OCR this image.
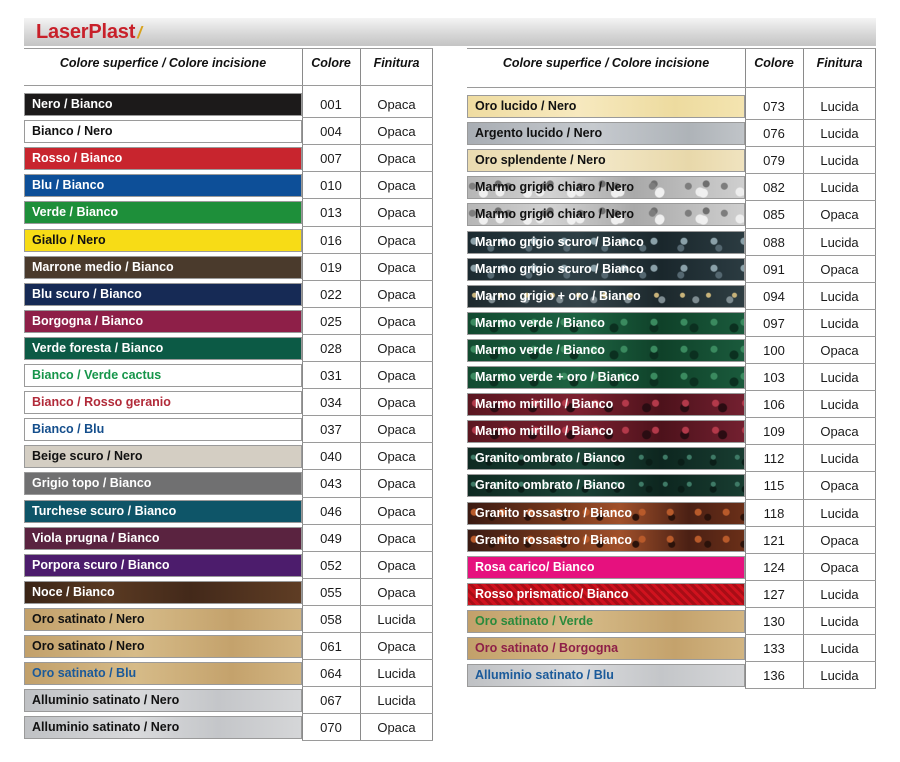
LaserPlast /
Colore superfice / Colore incisione	Colore	Finitura
Nero / Bianco	001	Opaca
Bianco / Nero	004	Opaca
Rosso / Bianco	007	Opaca
Blu / Bianco	010	Opaca
Verde / Bianco	013	Opaca
Giallo / Nero	016	Opaca
Marrone medio / Bianco	019	Opaca
Blu scuro / Bianco	022	Opaca
Borgogna / Bianco	025	Opaca
Verde foresta / Bianco	028	Opaca
Bianco / Verde cactus	031	Opaca
Bianco / Rosso geranio	034	Opaca
Bianco / Blu	037	Opaca
Beige scuro / Nero	040	Opaca
Grigio topo / Bianco	043	Opaca
Turchese scuro / Bianco	046	Opaca
Viola prugna / Bianco	049	Opaca
Porpora scuro / Bianco	052	Opaca
Noce / Bianco	055	Opaca
Oro satinato / Nero	058	Lucida
Oro satinato / Nero	061	Opaca
Oro satinato / Blu	064	Lucida
Alluminio satinato / Nero	067	Lucida
Alluminio satinato / Nero	070	Opaca
Colore superfice / Colore incisione	Colore	Finitura
Oro lucido / Nero	073	Lucida
Argento lucido / Nero	076	Lucida
Oro splendente / Nero	079	Lucida
Marmo grigio chiaro / Nero	082	Lucida
Marmo grigio chiaro / Nero	085	Opaca
Marmo grigio scuro / Bianco	088	Lucida
Marmo grigio scuro / Bianco	091	Opaca
Marmo grigio + oro / Bianco	094	Lucida
Marmo verde / Bianco	097	Lucida
Marmo verde / Bianco	100	Opaca
Marmo verde + oro / Bianco	103	Lucida
Marmo mirtillo / Bianco	106	Lucida
Marmo mirtillo / Bianco	109	Opaca
Granito ombrato / Bianco	112	Lucida
Granito ombrato / Bianco	115	Opaca
Granito rossastro / Bianco	118	Lucida
Granito rossastro / Bianco	121	Opaca
Rosa carico/ Bianco	124	Opaca
Rosso prismatico/ Bianco	127	Lucida
Oro satinato / Verde	130	Lucida
Oro satinato / Borgogna	133	Lucida
Alluminio satinato / Blu	136	Lucida
